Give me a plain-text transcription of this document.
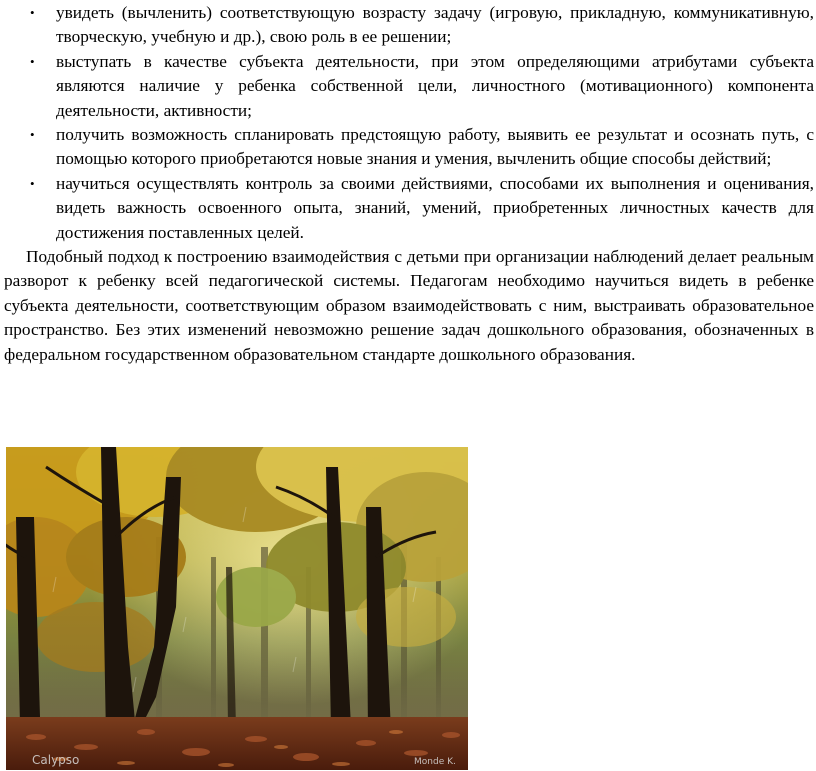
• увидеть (вычленить) соответствующую возрасту задачу (игровую, прикладную, коммуникативную, творческую, учебную и др.), свою роль в ее решении;
• выступать в качестве субъекта деятельности, при этом определяющими атрибутами субъекта являются наличие у ребенка собственной цели, личностного (мотивационного) компонента деятельности, активности;
• получить возможность спланировать предстоящую работу, выявить ее результат и осознать путь, с помощью которого приобретаются новые знания и умения, вычленить общие способы действий;
• научиться осуществлять контроль за своими действиями, способами их выполнения и оценивания, видеть важность освоенного опыта, знаний, умений, приобретенных личностных качеств для достижения поставленных целей.

Подобный подход к построению взаимодействия с детьми при организации наблюдений делает реальным разворот к ребенку всей педагогической системы. Педагогам необходимо научиться видеть в ребенке субъекта деятельности, соответствующим образом взаимодействовать с ним, выстраивать образовательное пространство. Без этих изменений невозможно решение задач дошкольного образования, обозначенных в федеральном государственном образовательном стандарте дошкольного образования.

Calypso	Monde K.
